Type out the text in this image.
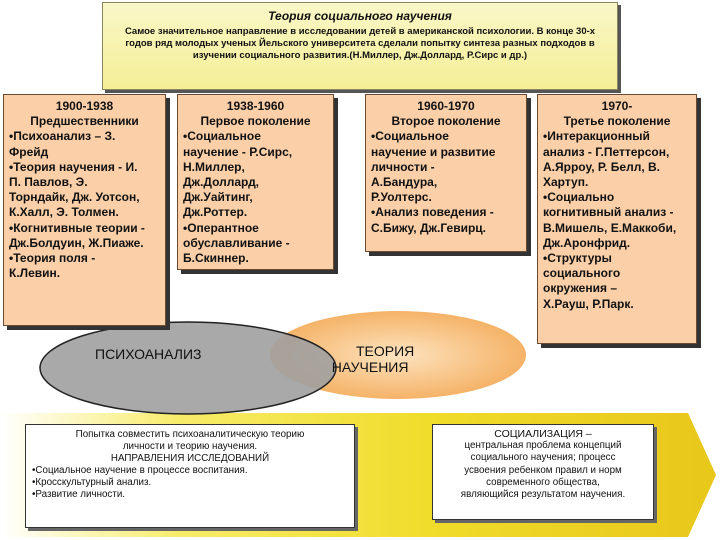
Теория социального научения
Самое значительное направление в исследовании детей в американской психологии. В конце 30-х годов ряд молодых ученых Йельского университета сделали попытку синтеза разных подходов в изучении социального развития.(Н.Миллер, Дж.Доллард, Р.Сирс и др.)
1900-1938
Предшественники
•Психоанализ – З.
Фрейд
•Теория научения - И.
П. Павлов, Э.
Торндайк, Дж. Уотсон,
К.Халл, Э. Толмен.
•Когнитивные теории -
Дж.Болдуин, Ж.Пиаже.
•Теория поля -
К.Левин.
1938-1960
Первое поколение
•Социальное
научение - Р.Сирс,
Н.Миллер,
Дж.Доллард,
Дж.Уайтинг,
Дж.Роттер.
•Оперантное
обуславливание -
Б.Скиннер.
1960-1970
Второе поколение
•Социальное
научение и развитие
личности -
А.Бандура,
Р.Уолтерс.
•Анализ поведения -
С.Бижу, Дж.Гевирц.
1970-
Третье поколение
•Интеракционный
анализ - Г.Петтерсон,
А.Ярроу, Р. Белл, В.
Хартуп.
•Социально
когнитивный анализ -
В.Мишель, Е.Маккоби,
Дж.Аронфрид.
•Структуры
социального
окружения –
Х.Рауш, Р.Парк.
ПСИХОАНАЛИЗ	ТЕОРИЯ
НАУЧЕНИЯ
Попытка совместить психоаналитическую теорию
личности и теорию научения.
НАПРАВЛЕНИЯ ИССЛЕДОВАНИЙ
•Социальное научение в процессе воспитания.
•Кросскультурный анализ.
•Развитие личности.
СОЦИАЛИЗАЦИЯ –
центральная проблема концепций
социального научения; процесс
усвоения ребенком правил и норм
современного общества,
являющийся результатом научения.
